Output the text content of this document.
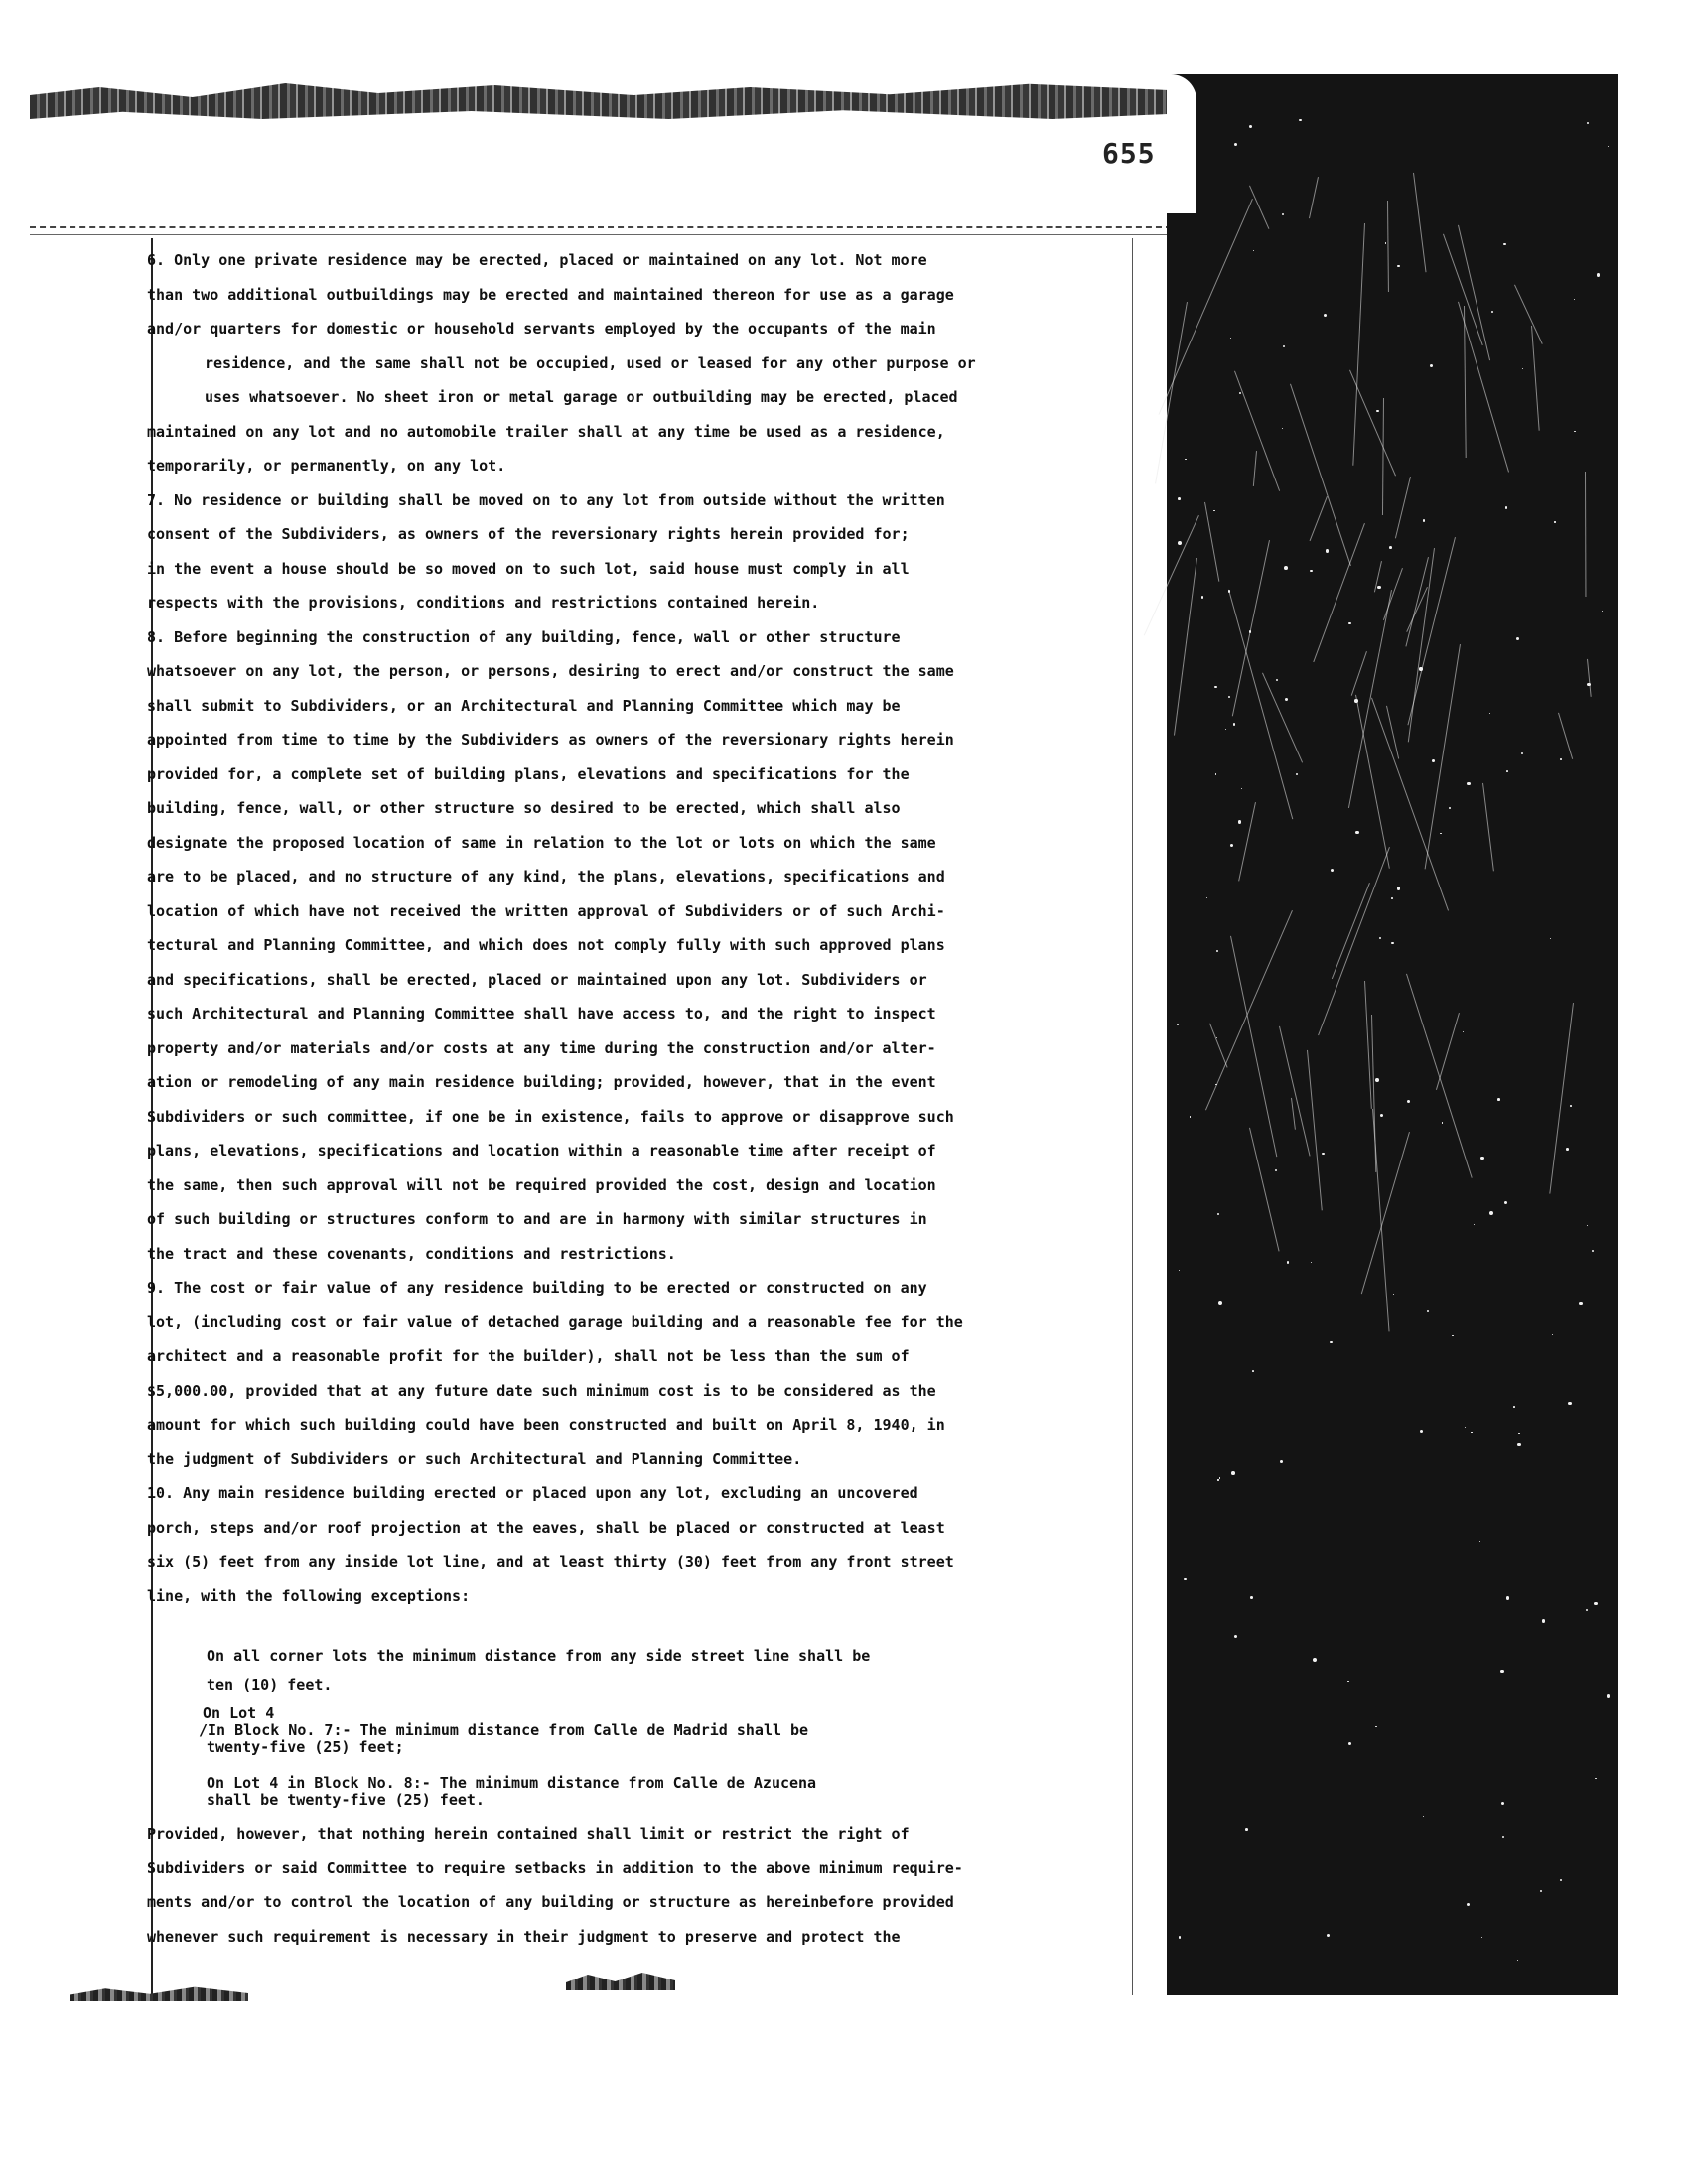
655
6. Only one private residence may be erected, placed or maintained on any lot. Not more
than two additional outbuildings may be erected and maintained thereon for use as a garage
and/or quarters for domestic or household servants employed by the occupants of the main
residence, and the same shall not be occupied, used or leased for any other purpose or
uses whatsoever. No sheet iron or metal garage or outbuilding may be erected, placed
maintained on any lot and no automobile trailer shall at any time be used as a residence,
temporarily, or permanently, on any lot.
7. No residence or building shall be moved on to any lot from outside without the written
consent of the Subdividers, as owners of the reversionary rights herein provided for;
in the event a house should be so moved on to such lot, said house must comply in all
respects with the provisions, conditions and restrictions contained herein.
8. Before beginning the construction of any building, fence, wall or other structure
whatsoever on any lot, the person, or persons, desiring to erect and/or construct the same
shall submit to Subdividers, or an Architectural and Planning Committee which may be
appointed from time to time by the Subdividers as owners of the reversionary rights herein
provided for, a complete set of building plans, elevations and specifications for the
building, fence, wall, or other structure so desired to be erected, which shall also
designate the proposed location of same in relation to the lot or lots on which the same
are to be placed, and no structure of any kind, the plans, elevations, specifications and
location of which have not received the written approval of Subdividers or of such Archi-
tectural and Planning Committee, and which does not comply fully with such approved plans
and specifications, shall be erected, placed or maintained upon any lot. Subdividers or
such Architectural and Planning Committee shall have access to, and the right to inspect
property and/or materials and/or costs at any time during the construction and/or alter-
ation or remodeling of any main residence building; provided, however, that in the event
Subdividers or such committee, if one be in existence, fails to approve or disapprove such
plans, elevations, specifications and location within a reasonable time after receipt of
the same, then such approval will not be required provided the cost, design and location
of such building or structures conform to and are in harmony with similar structures in
the tract and these covenants, conditions and restrictions.
9. The cost or fair value of any residence building to be erected or constructed on any
lot, (including cost or fair value of detached garage building and a reasonable fee for the
architect and a reasonable profit for the builder), shall not be less than the sum of
$5,000.00, provided that at any future date such minimum cost is to be considered as the
amount for which such building could have been constructed and built on April 8, 1940, in
the judgment of Subdividers or such Architectural and Planning Committee.
10. Any main residence building erected or placed upon any lot, excluding an uncovered
porch, steps and/or roof projection at the eaves, shall be placed or constructed at least
six (5) feet from any inside lot line, and at least thirty (30) feet from any front street
line, with the following exceptions:
On all corner lots the minimum distance from any side street line shall be
ten (10) feet.
On Lot 4
/In Block No. 7:- The minimum distance from Calle de Madrid shall be
twenty-five (25) feet;
On Lot 4 in Block No. 8:- The minimum distance from Calle de Azucena
shall be twenty-five (25) feet.
Provided, however, that nothing herein contained shall limit or restrict the right of
Subdividers or said Committee to require setbacks in addition to the above minimum require-
ments and/or to control the location of any building or structure as hereinbefore provided
whenever such requirement is necessary in their judgment to preserve and protect the
